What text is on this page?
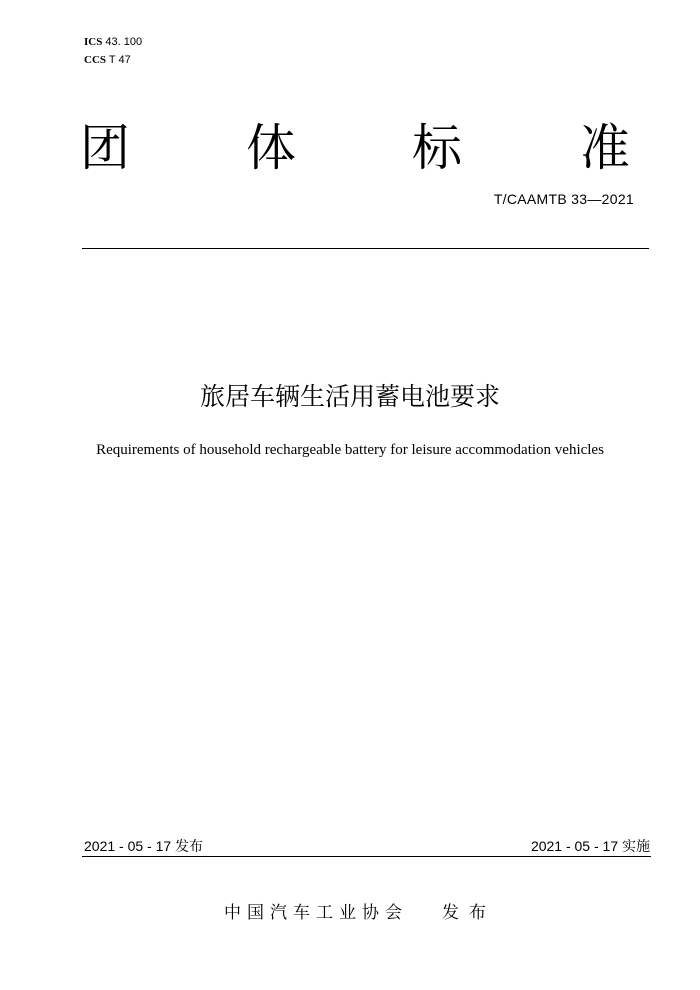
ICS 43. 100
CCS T 47
团 体 标 准
T/CAAMTB 33—2021
旅居车辆生活用蓄电池要求
Requirements of household rechargeable battery for leisure accommodation vehicles
2021 - 05 - 17 发布	2021 - 05 - 17 实施
中国汽车工业协会 发布
